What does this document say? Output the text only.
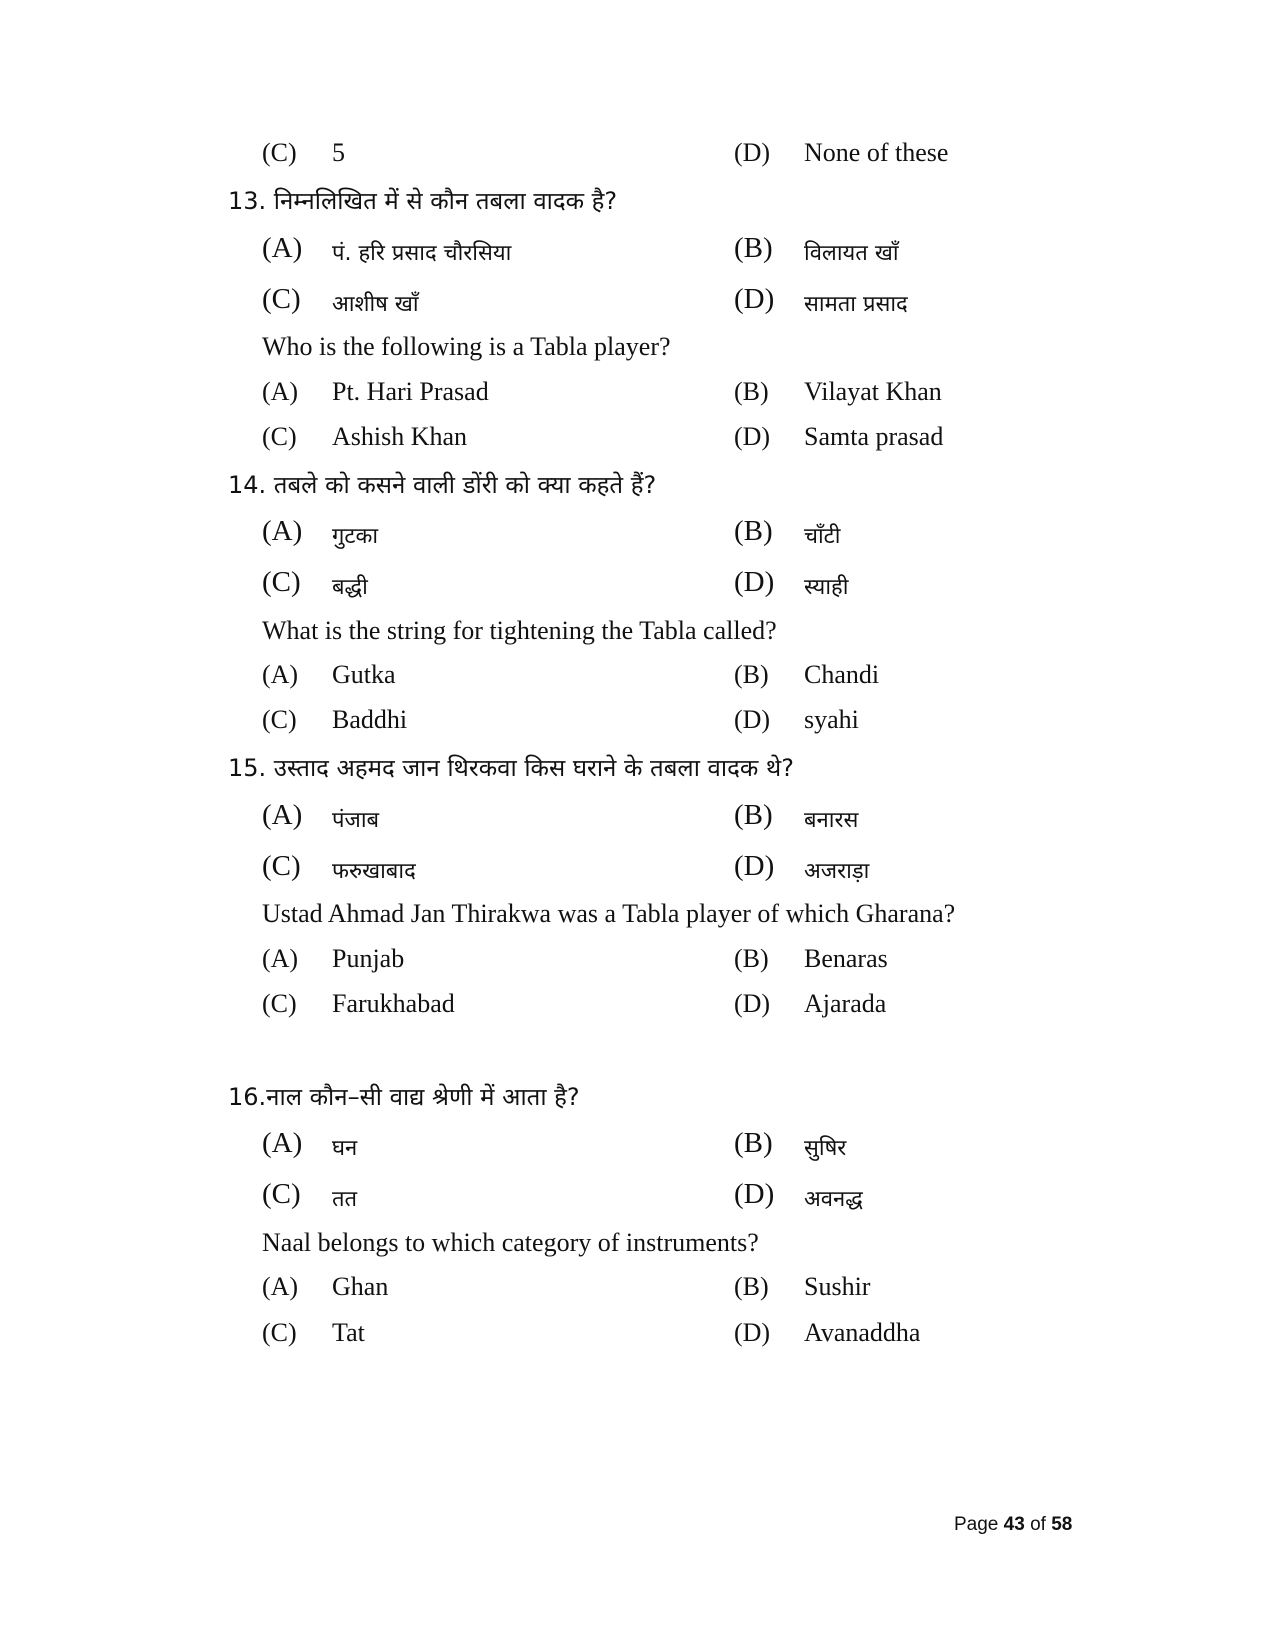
(C) 5	(D) None of these
13. निम्नलिखित में से कौन तबला वादक है?
(A) पं. हरि प्रसाद चौरसिया	(B) विलायत खाँ
(C) आशीष खाँ	(D) सामता प्रसाद
Who is the following is a Tabla player?
(A) Pt. Hari Prasad	(B) Vilayat Khan
(C) Ashish Khan	(D) Samta prasad
14. तबले को कसने वाली डोंरी को क्या कहते हैं?
(A) गुटका	(B) चाँटी
(C) बद्धी	(D) स्याही
What is the string for tightening the Tabla called?
(A) Gutka	(B) Chandi
(C) Baddhi	(D) syahi
15. उस्ताद अहमद जान थिरकवा किस घराने के तबला वादक थे?
(A) पंजाब	(B) बनारस
(C) फरुखाबाद	(D) अजराड़ा
Ustad Ahmad Jan Thirakwa was a Tabla player of which Gharana?
(A) Punjab	(B) Benaras
(C) Farukhabad	(D) Ajarada
16.नाल कौन–सी वाद्य श्रेणी में आता है?
(A) घन	(B) सुषिर
(C) तत	(D) अवनद्ध
Naal belongs to which category of instruments?
(A) Ghan	(B) Sushir
(C) Tat	(D) Avanaddha
Page 43 of 58
